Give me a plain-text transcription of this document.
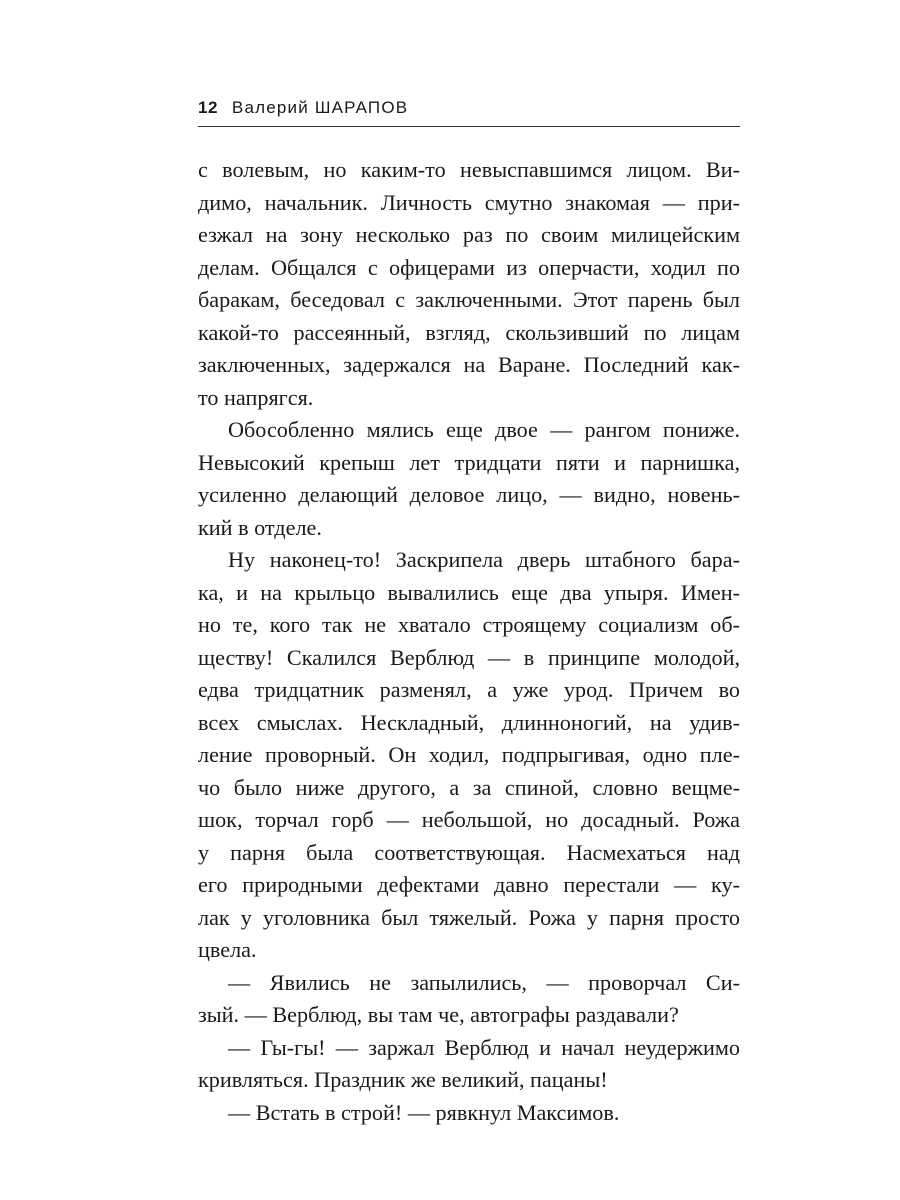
12 Валерий ШАРАПОВ
с волевым, но каким-то невыспавшимся лицом. Ви-
димо, начальник. Личность смутно знакомая — при-
езжал на зону несколько раз по своим милицейским
делам. Общался с офицерами из оперчасти, ходил по
баракам, беседовал с заключенными. Этот парень был
какой-то рассеянный, взгляд, скользивший по лицам
заключенных, задержался на Варане. Последний как-
то напрягся.
Обособленно мялись еще двое — рангом пониже.
Невысокий крепыш лет тридцати пяти и парнишка,
усиленно делающий деловое лицо, — видно, новень-
кий в отделе.
Ну наконец-то! Заскрипела дверь штабного бара-
ка, и на крыльцо вывалились еще два упыря. Имен-
но те, кого так не хватало строящему социализм об-
ществу! Скалился Верблюд — в принципе молодой,
едва тридцатник разменял, а уже урод. Причем во
всех смыслах. Нескладный, длинноногий, на удив-
ление проворный. Он ходил, подпрыгивая, одно пле-
чо было ниже другого, а за спиной, словно вещме-
шок, торчал горб — небольшой, но досадный. Рожа
у парня была соответствующая. Насмехаться над
его природными дефектами давно перестали — ку-
лак у уголовника был тяжелый. Рожа у парня просто
цвела.
— Явились не запылились, — проворчал Си-
зый. — Верблюд, вы там че, автографы раздавали?
— Гы-гы! — заржал Верблюд и начал неудержимо
кривляться. Праздник же великий, пацаны!
— Встать в строй! — рявкнул Максимов.
